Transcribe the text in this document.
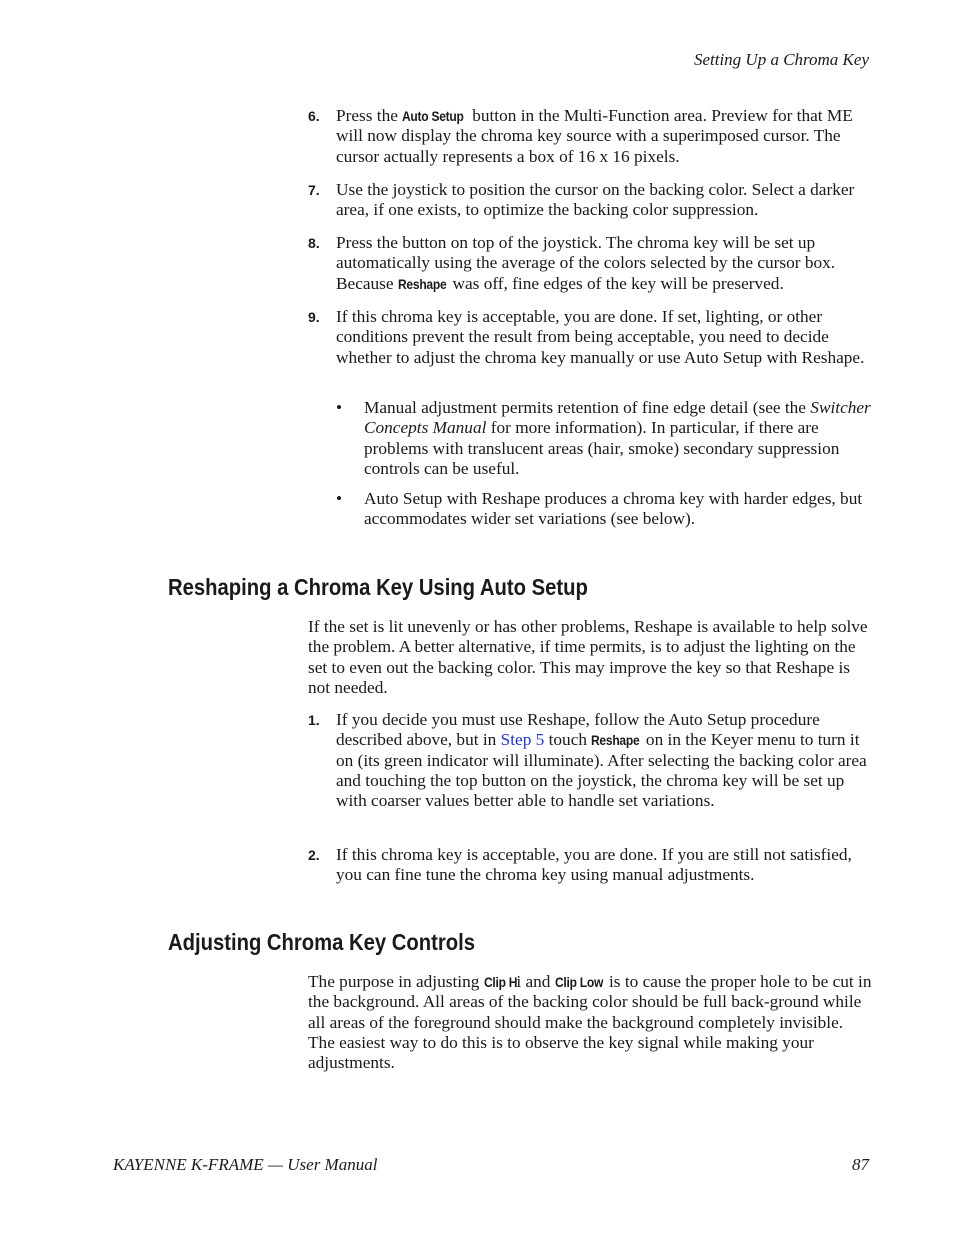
Setting Up a Chroma Key
6. Press the Auto Setup button in the Multi-Function area. Preview for that ME will now display the chroma key source with a superimposed cursor. The cursor actually represents a box of 16 x 16 pixels.
7. Use the joystick to position the cursor on the backing color. Select a darker area, if one exists, to optimize the backing color suppression.
8. Press the button on top of the joystick. The chroma key will be set up automatically using the average of the colors selected by the cursor box. Because Reshape was off, fine edges of the key will be preserved.
9. If this chroma key is acceptable, you are done. If set, lighting, or other conditions prevent the result from being acceptable, you need to decide whether to adjust the chroma key manually or use Auto Setup with Reshape.
• Manual adjustment permits retention of fine edge detail (see the Switcher Concepts Manual for more information). In particular, if there are problems with translucent areas (hair, smoke) secondary suppression controls can be useful.
• Auto Setup with Reshape produces a chroma key with harder edges, but accommodates wider set variations (see below).
Reshaping a Chroma Key Using Auto Setup
If the set is lit unevenly or has other problems, Reshape is available to help solve the problem. A better alternative, if time permits, is to adjust the lighting on the set to even out the backing color. This may improve the key so that Reshape is not needed.
1. If you decide you must use Reshape, follow the Auto Setup procedure described above, but in Step 5 touch Reshape on in the Keyer menu to turn it on (its green indicator will illuminate). After selecting the backing color area and touching the top button on the joystick, the chroma key will be set up with coarser values better able to handle set variations.
2. If this chroma key is acceptable, you are done. If you are still not satisfied, you can fine tune the chroma key using manual adjustments.
Adjusting Chroma Key Controls
The purpose in adjusting Clip Hi and Clip Low is to cause the proper hole to be cut in the background. All areas of the backing color should be full back-ground while all areas of the foreground should make the background completely invisible. The easiest way to do this is to observe the key signal while making your adjustments.
KAYENNE K-FRAME — User Manual	87
